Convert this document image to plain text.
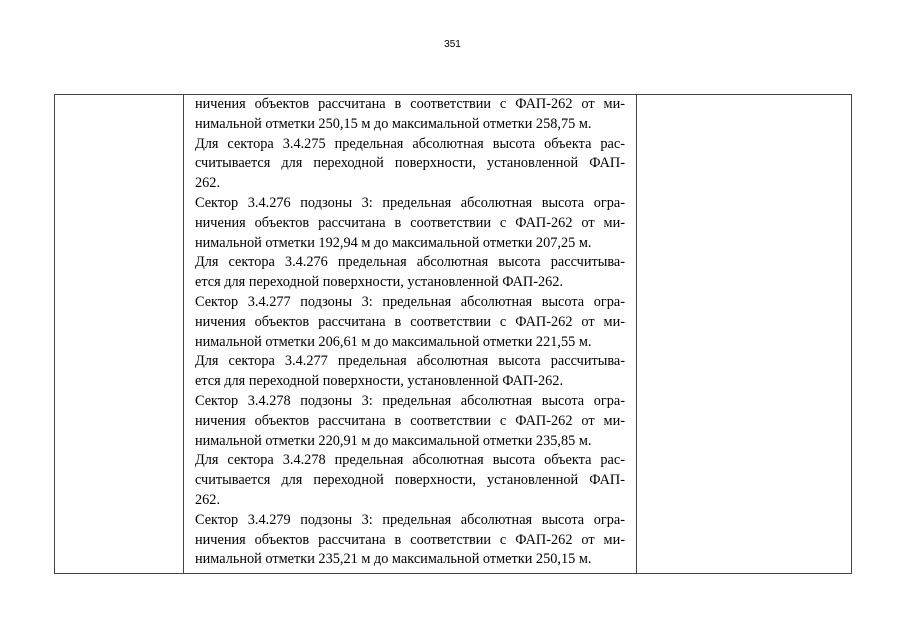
351

ничения объектов рассчитана в соответствии с ФАП-262 от ми-
нимальной отметки 250,15 м до максимальной отметки 258,75 м.
Для сектора 3.4.275 предельная абсолютная высота объекта рас-
считывается для переходной поверхности, установленной ФАП-
262.
Сектор 3.4.276 подзоны 3: предельная абсолютная высота огра-
ничения объектов рассчитана в соответствии с ФАП-262 от ми-
нимальной отметки 192,94 м до максимальной отметки 207,25 м.
Для сектора 3.4.276 предельная абсолютная высота рассчитыва-
ется для переходной поверхности, установленной ФАП-262.
Сектор 3.4.277 подзоны 3: предельная абсолютная высота огра-
ничения объектов рассчитана в соответствии с ФАП-262 от ми-
нимальной отметки 206,61 м до максимальной отметки 221,55 м.
Для сектора 3.4.277 предельная абсолютная высота рассчитыва-
ется для переходной поверхности, установленной ФАП-262.
Сектор 3.4.278 подзоны 3: предельная абсолютная высота огра-
ничения объектов рассчитана в соответствии с ФАП-262 от ми-
нимальной отметки 220,91 м до максимальной отметки 235,85 м.
Для сектора 3.4.278 предельная абсолютная высота объекта рас-
считывается для переходной поверхности, установленной ФАП-
262.
Сектор 3.4.279 подзоны 3: предельная абсолютная высота огра-
ничения объектов рассчитана в соответствии с ФАП-262 от ми-
нимальной отметки 235,21 м до максимальной отметки 250,15 м.
